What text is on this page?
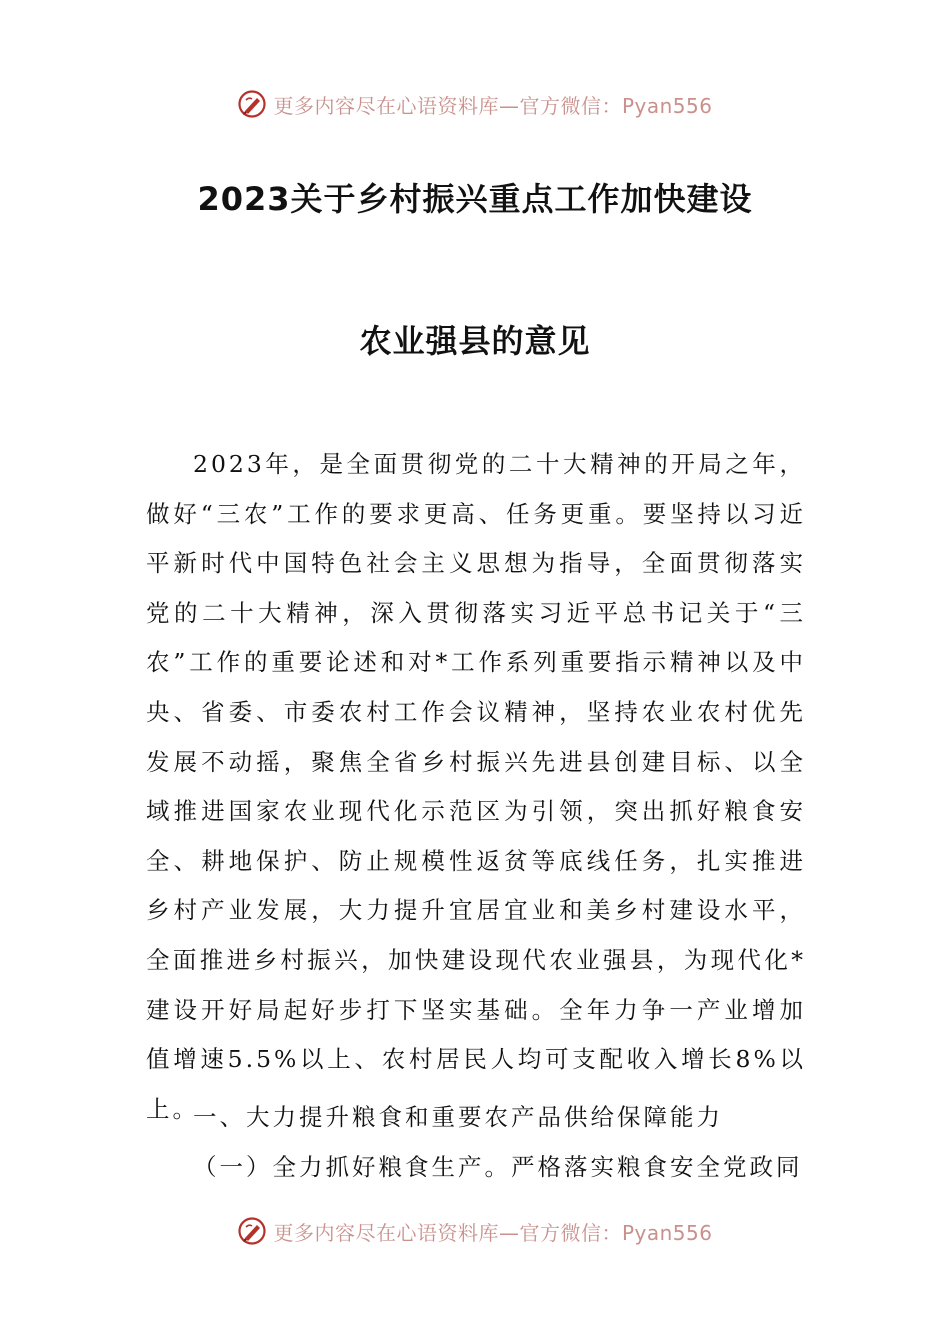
更多内容尽在心语资料库—官方微信：Pyan556
2023关于乡村振兴重点工作加快建设
农业强县的意见

2023年，是全面贯彻党的二十大精神的开局之年，做好“三农”工作的要求更高、任务更重。要坚持以习近平新时代中国特色社会主义思想为指导，全面贯彻落实党的二十大精神，深入贯彻落实习近平总书记关于“三农”工作的重要论述和对*工作系列重要指示精神以及中央、省委、市委农村工作会议精神，坚持农业农村优先发展不动摇，聚焦全省乡村振兴先进县创建目标、以全域推进国家农业现代化示范区为引领，突出抓好粮食安全、耕地保护、防止规模性返贫等底线任务，扎实推进乡村产业发展，大力提升宜居宜业和美乡村建设水平，全面推进乡村振兴，加快建设现代农业强县，为现代化*建设开好局起好步打下坚实基础。全年力争一产业增加值增速5.5%以上、农村居民人均可支配收入增长8%以上。

一、大力提升粮食和重要农产品供给保障能力
（一）全力抓好粮食生产。严格落实粮食安全党政同
更多内容尽在心语资料库—官方微信：Pyan556
